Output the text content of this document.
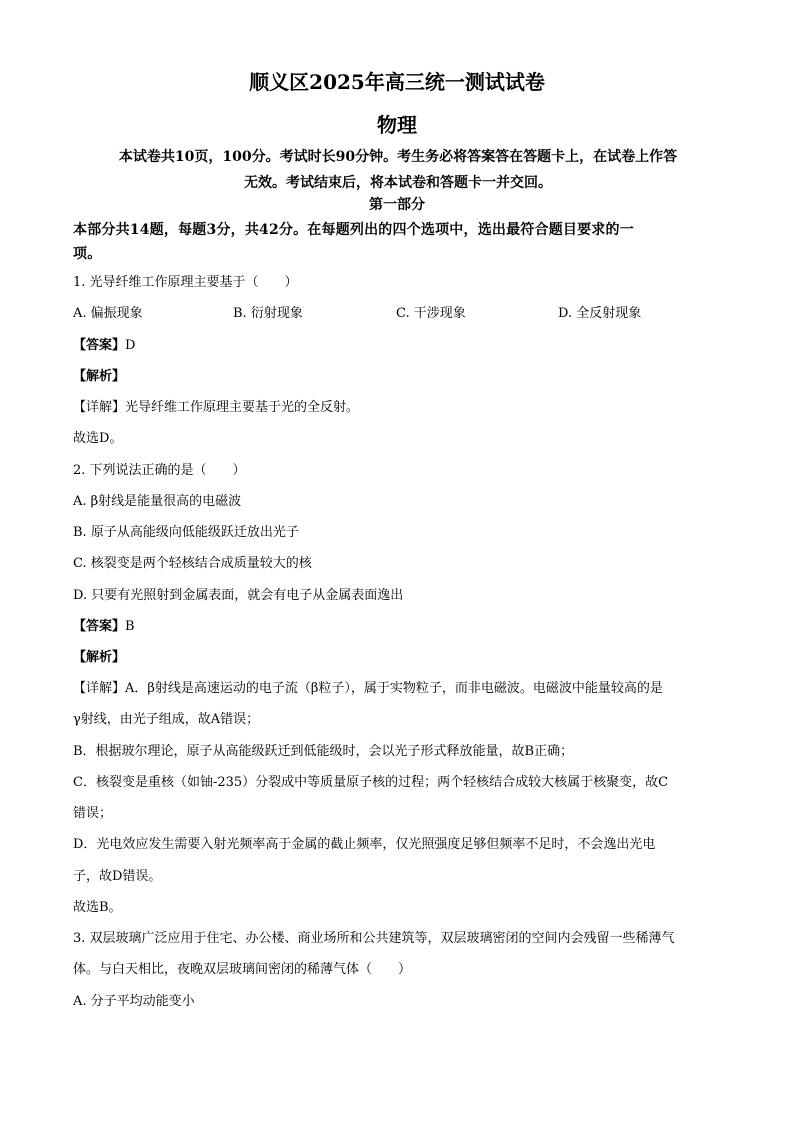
顺义区2025年高三统一测试试卷
物理
本试卷共10页，100分。考试时长90分钟。考生务必将答案答在答题卡上，在试卷上作答
无效。考试结束后，将本试卷和答题卡一并交回。
第一部分
本部分共14题，每题3分，共42分。在每题列出的四个选项中，选出最符合题目要求的一
项。
1. 光导纤维工作原理主要基于（　　）
A. 偏振现象	B. 衍射现象	C. 干涉现象	D. 全反射现象
【答案】D
【解析】
【详解】光导纤维工作原理主要基于光的全反射。
故选D。
2. 下列说法正确的是（　　）
A. β射线是能量很高的电磁波
B. 原子从高能级向低能级跃迁放出光子
C. 核裂变是两个轻核结合成质量较大的核
D. 只要有光照射到金属表面，就会有电子从金属表面逸出
【答案】B
【解析】
【详解】A．β射线是高速运动的电子流（β粒子），属于实物粒子，而非电磁波。电磁波中能量较高的是
γ射线，由光子组成，故A错误；
B．根据玻尔理论，原子从高能级跃迁到低能级时，会以光子形式释放能量，故B正确；
C．核裂变是重核（如铀-235）分裂成中等质量原子核的过程；两个轻核结合成较大核属于核聚变，故C
错误；
D．光电效应发生需要入射光频率高于金属的截止频率，仅光照强度足够但频率不足时，不会逸出光电
子，故D错误。
故选B。
3. 双层玻璃广泛应用于住宅、办公楼、商业场所和公共建筑等，双层玻璃密闭的空间内会残留一些稀薄气
体。与白天相比，夜晚双层玻璃间密闭的稀薄气体（　　）
A. 分子平均动能变小
